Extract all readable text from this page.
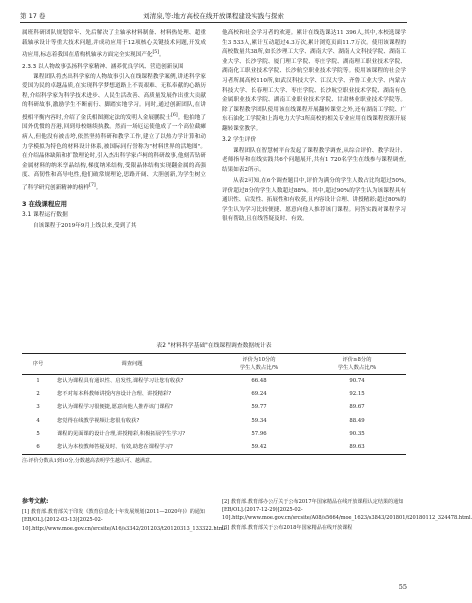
第 17 卷	刘清泉,等:地方高校在线开放课程建设实践与探索

属班科研团队规划常年、先后解决了主轴承材料制备、材料热处理、超重载轴承设计等重大技术问题,并成功应用于12项核心关键技术问题,开发成功应用,标志着我国在盾构机轴承方面完全实现国产化[5]。

2.3.3 以人物故事弘扬科学家精神、涵养优良学风、营造创新氛围

课程团队将杰出科学家的人物故事引入在线课程教学案例,讲述科学家爱国为民的卓越品质,在实现科学梦想道路上不畏艰难、无私奉献的心路历程,介绍科学家为科学技术进步、人民生活改善、高质量发展作出重大贡献的科研故事,激励学生不断前行、脚踏实地学习。同时,通过创新团队,在讲授相平衡内容时,介绍了金氏相图测定法的发明人金展鹏院士[6]。他拍地了国外优惯的吾港,回到母校继续执教。然而一场厄运使他成了一个高位截瘫病人,但他没有被击垮,依然坚持科研和教学工作,建立了以热力学计算和动力学模拟为特色的材料设计体系,被国际同行誉称为"材料世界的活地图"。在介绍晶体缺陷和扩散理论时,引入杰出科学家卢柯的科研故事,他刻苦钻研金属材料的纳米孪晶结构,梯度纳米结构,受限晶体结构实现翻金属的高强度、高韧性和高导电性,他们破常规理论,思路开阔、大胆创新,为学生树立了科学研究创新精神的榜样[7]。

3 在线课程应用
3.1 课程运行数据

自该课程于2019年9月上线以来,受到了其

他高校和社会学习者的欢迎。累计在线选课达11 396人,其中,本校选课学生3 533人,累计互动超过4.3万次,累计浏览页面11.7万次。使用该课程的高校数量共38所,如长沙理工大学、湖南大学、湖南人文科技学院、湖南工业大学、长沙学院、厦门理工学院、枣庄学院、湖南理工职业技术学院、湖南化工职业技术学院、长沙航空职业技术学院等。使用该课程的社会学习者所属高校110所,如武汉科技大学、江汉大学、齐鲁工业大学、内蒙古科技大学、长春理工大学、枣庄学院、长沙航空职业技术学院、湖南有色金属职业技术学院、湖南工业职业技术学院、甘肃林业职业技术学院等。除了课程教学团队使用该在线课程开展翻转课堂之外,还有湖南工学院、广东石油化工学院和上海电力大学3所高校的相关专业应用在线课程资源开展翻转课堂教学。

3.2 学生评价

课程团队在智慧树平台发起了课程教学调查,从综合评价、教学设计、老师指导和在线实践共6个问题展开,共有1 720名学生在线参与课程调查,结果如表2所示。

从表2可知,在6个调查题目中,评价为满分的学生人数占比均超过50%,评价超过8分的学生人数超过88%。其中,超过90%的学生认为该课程具有通识性、启发性、拓展性和有收获,且内容设计合理、讲授精彩;超过80%的学生认为学习比较便捷、愿意向他人推荐该门课程。问答实践对课程学习很有帮助,且在线答疑及时、有效。

表2 "材料科学基础"在线课程调查数据统计表
序号	调查问题	评价为10分的
学生人数占比/%	评价≥8分的
学生人数占比/%
1	您认为课程具有通识性、启发性,课程学习让您有收获?	66.48	90.74
2	您不对每本科教师讲授内容设计合理、讲授精彩?	69.24	92.15
3	您认为课程学习很便捷,愿意向他人推荐该门课程?	59.77	89.67
4	您觉得在线教学视频让您很有收获?	59.34	88.49
5	课程的见面课的设计合理,讲授精彩,积极拓展学生学习?	57.96	90.35
6	您认为本校教师答疑及时、有效,助您在课程学习?	59.42	89.63
注:评价分数从1到10分,分数越高表明学生越认可、越满意。
参考文献:
[1] 教育部.教育部关于印发《教育信息化十年发展规划(2011—2020年)》的通知[EB/OL].(2012-03-13)[2025-02-10].http://www.moe.gov.cn/srcsite/A16/s3342/201203/t20120313_133322.html.
[2] 教育部.教育部办公厅关于公布2017年国家精品在线开放课程认定结果的通知[EB/OL].(2017-12-29)[2025-02-10].http://www.moe.gov.cn/srcsite/A08/s5664/moe_1623/s3843/201801/t20180112_324478.html.
[3] 教育部.教育部关于公布2018年国家精品在线开放课程
55
